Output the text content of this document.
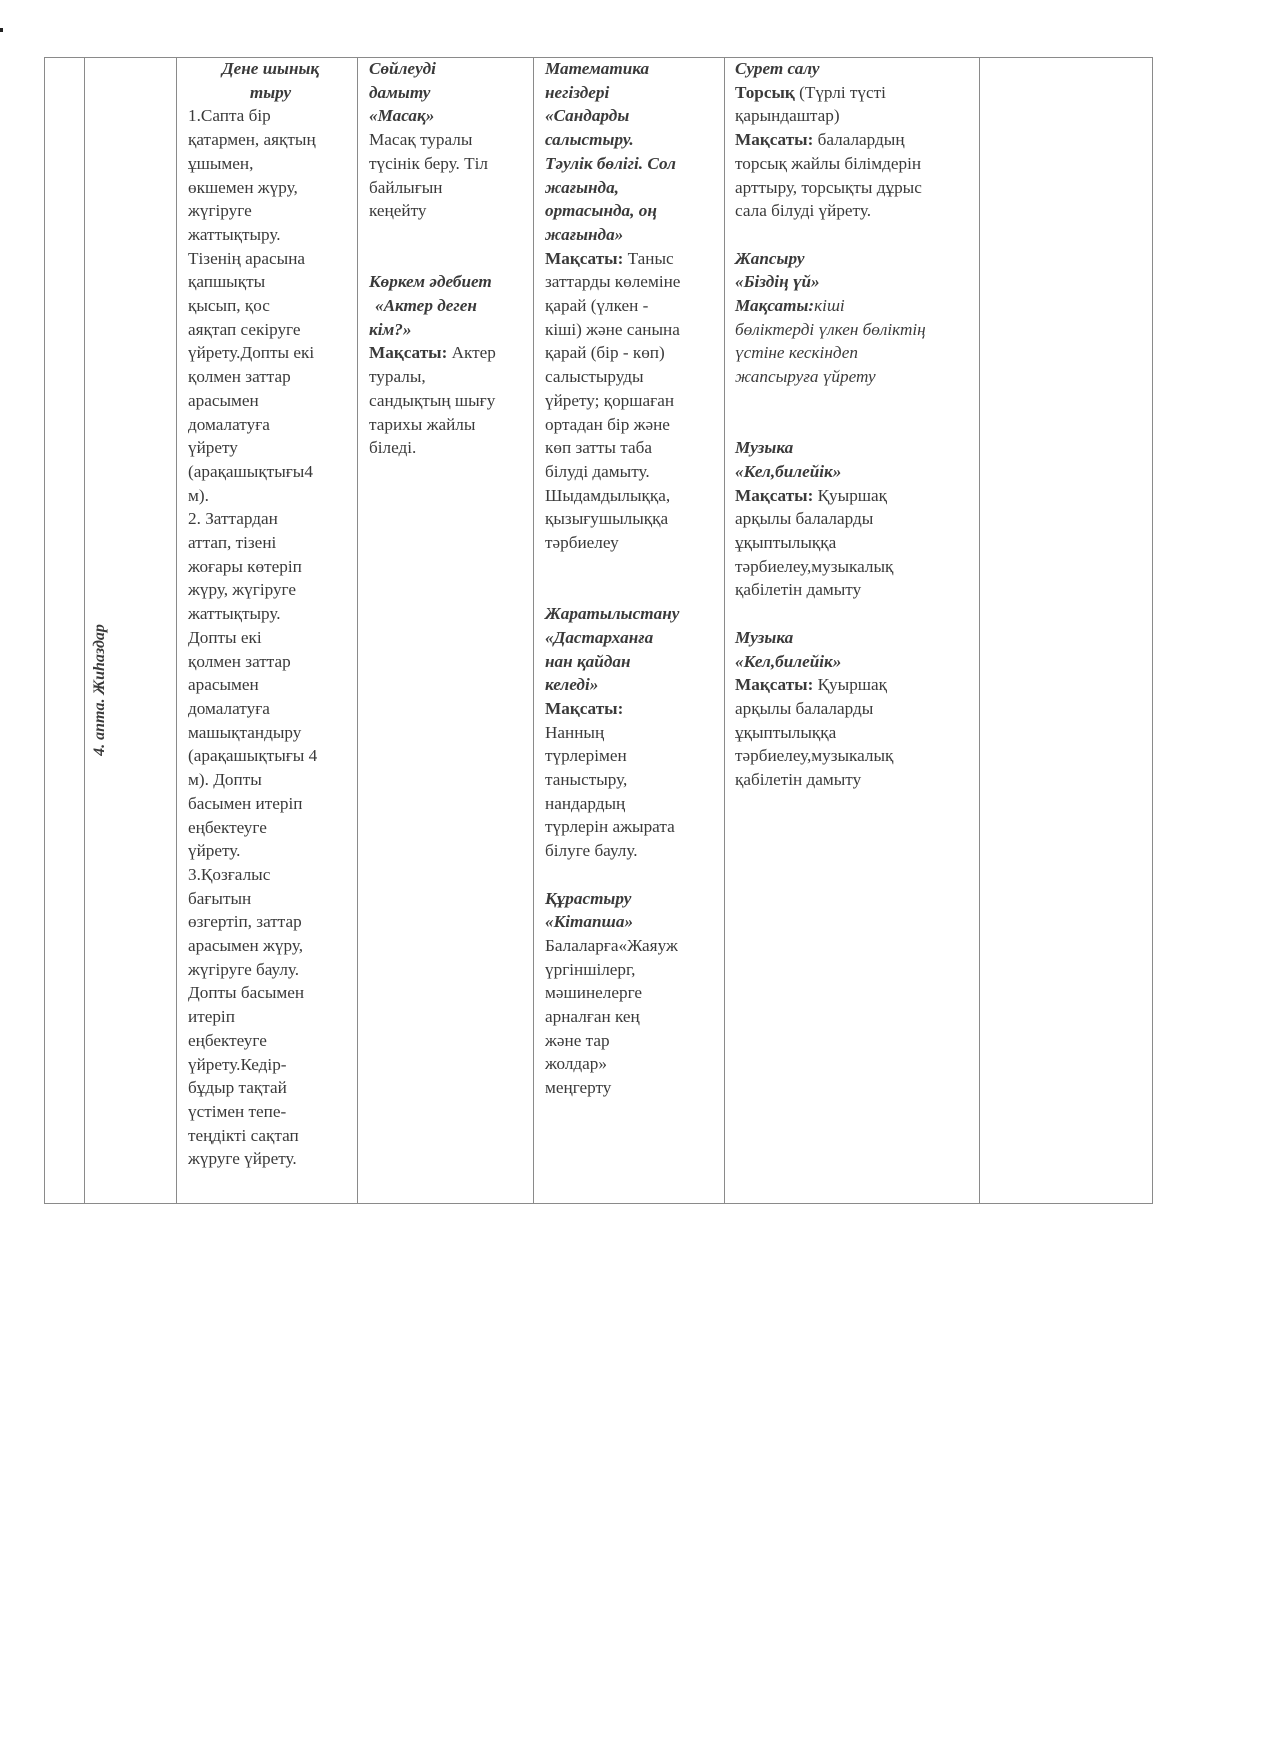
4. апта. Жиһаздар

Дене шынық

тыру

1.Сапта бір

қатармен, аяқтың

ұшымен,

өкшемен жүру,

жүгіруге

жаттықтыру.

Тізенің арасына

қапшықты

қысып, қос

аяқтап секіруге

үйрету.Допты екі

қолмен заттар

арасымен

домалатуға

үйрету

(арақашықтығы4

м).

2. Заттардан

аттап, тізені

жоғары көтеріп

жүру, жүгіруге

жаттықтыру.

Допты екі

қолмен заттар

арасымен

домалатуға

машықтандыру

(арақашықтығы 4

м). Допты

басымен итеріп

еңбектеуге

үйрету.

3.Қозғалыс

бағытын

өзгертіп, заттар

арасымен жүру,

жүгіруге баулу.

Допты басымен

итеріп

еңбектеуге

үйрету.Кедір-

бұдыр тақтай

үстімен тепе-

теңдікті сақтап

жүруге үйрету.

Сөйлеуді

дамыту

«Масақ»

Масақ туралы

түсінік беру. Тіл

байлығын

кеңейту

Көркем әдебиет

«Актер деген

кім?»

Мақсаты: Актер

туралы,

сандықтың шығу

тарихы жайлы

біледі.

Математика

негіздері

«Сандарды

салыстыру.

Тәулік бөлігі. Сол

жағында,

ортасында, оң

жағында»

Мақсаты: Таныс

заттарды көлеміне

қарай (үлкен -

кіші) және санына

қарай (бір - көп)

салыстыруды

үйрету; қоршаған

ортадан бір және

көп затты таба

білуді дамыту.

Шыдамдылыққа,

қызығушылыққа

тәрбиелеу

Жаратылыстану

«Дастарханға

нан қайдан

келеді»

Мақсаты:

Нанның

түрлерімен

таныстыру,

нандардың

түрлерін ажырата

білуге баулу.

Құрастыру

«Кітапша»

Балаларға«Жаяуж

үргіншілерг,

мәшинелерге

арналған кең

және тар

жолдар»

меңгерту

Сурет салу

Торсық (Түрлі түсті

қарындаштар)

Мақсаты: балалардың

торсық жайлы білімдерін

арттыру, торсықты дұрыс

сала білуді үйрету.

Жапсыру

«Біздің үй»

Мақсаты:кіші

бөліктерді үлкен бөліктің

үстіне кескіндеп

жапсыруға үйрету

Музыка

«Кел,билейік»

Мақсаты: Қуыршақ

арқылы балаларды

ұқыптылыққа

тәрбиелеу,музыкалық

қабілетін дамыту

Музыка

«Кел,билейік»

Мақсаты: Қуыршақ

арқылы балаларды

ұқыптылыққа

тәрбиелеу,музыкалық

қабілетін дамыту
